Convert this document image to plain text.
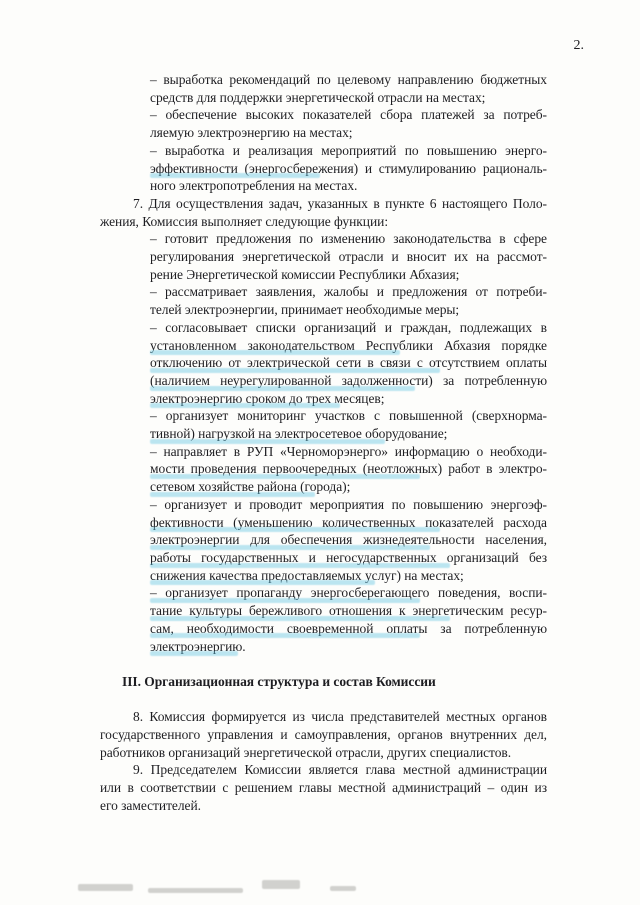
2.

– выработка рекомендаций по целевому направлению бюджетных
средств для поддержки энергетической отрасли на местах;

– обеспечение высоких показателей сбора платежей за потреб-
ляемую электроэнергию на местах;

– выработка и реализация мероприятий по повышению энерго-
эффективности (энергосбережения) и стимулированию рациональ-
ного электропотребления на местах.

7. Для осуществления задач, указанных в пункте 6 настоящего Поло-
жения, Комиссия выполняет следующие функции:

– готовит предложения по изменению законодательства в сфере
регулирования энергетической отрасли и вносит их на рассмот-
рение Энергетической комиссии Республики Абхазия;

– рассматривает заявления, жалобы и предложения от потреби-
телей электроэнергии, принимает необходимые меры;

– согласовывает списки организаций и граждан, подлежащих в
установленном законодательством Республики Абхазия порядке
отключению от электрической сети в связи с отсутствием оплаты
(наличием неурегулированной задолженности) за потребленную
электроэнергию сроком до трех месяцев;

– организует мониторинг участков с повышенной (сверхнорма-
тивной) нагрузкой на электросетевое оборудование;

– направляет в РУП «Черноморэнерго» информацию о необходи-
мости проведения первоочередных (неотложных) работ в электро-
сетевом хозяйстве района (города);

– организует и проводит мероприятия по повышению энергоэф-
фективности (уменьшению количественных показателей расхода
электроэнергии для обеспечения жизнедеятельности населения,
работы государственных и негосударственных организаций без
снижения качества предоставляемых услуг) на местах;

– организует пропаганду энергосберегающего поведения, воспи-
тание культуры бережливого отношения к энергетическим ресур-
сам, необходимости своевременной оплаты за потребленную
электроэнергию.

III. Организационная структура и состав Комиссии

8. Комиссия формируется из числа представителей местных органов
государственного управления и самоуправления, органов внутренних дел,
работников организаций энергетической отрасли, других специалистов.

9. Председателем Комиссии является глава местной администрации
или в соответствии с решением главы местной администраций – один из
его заместителей.
